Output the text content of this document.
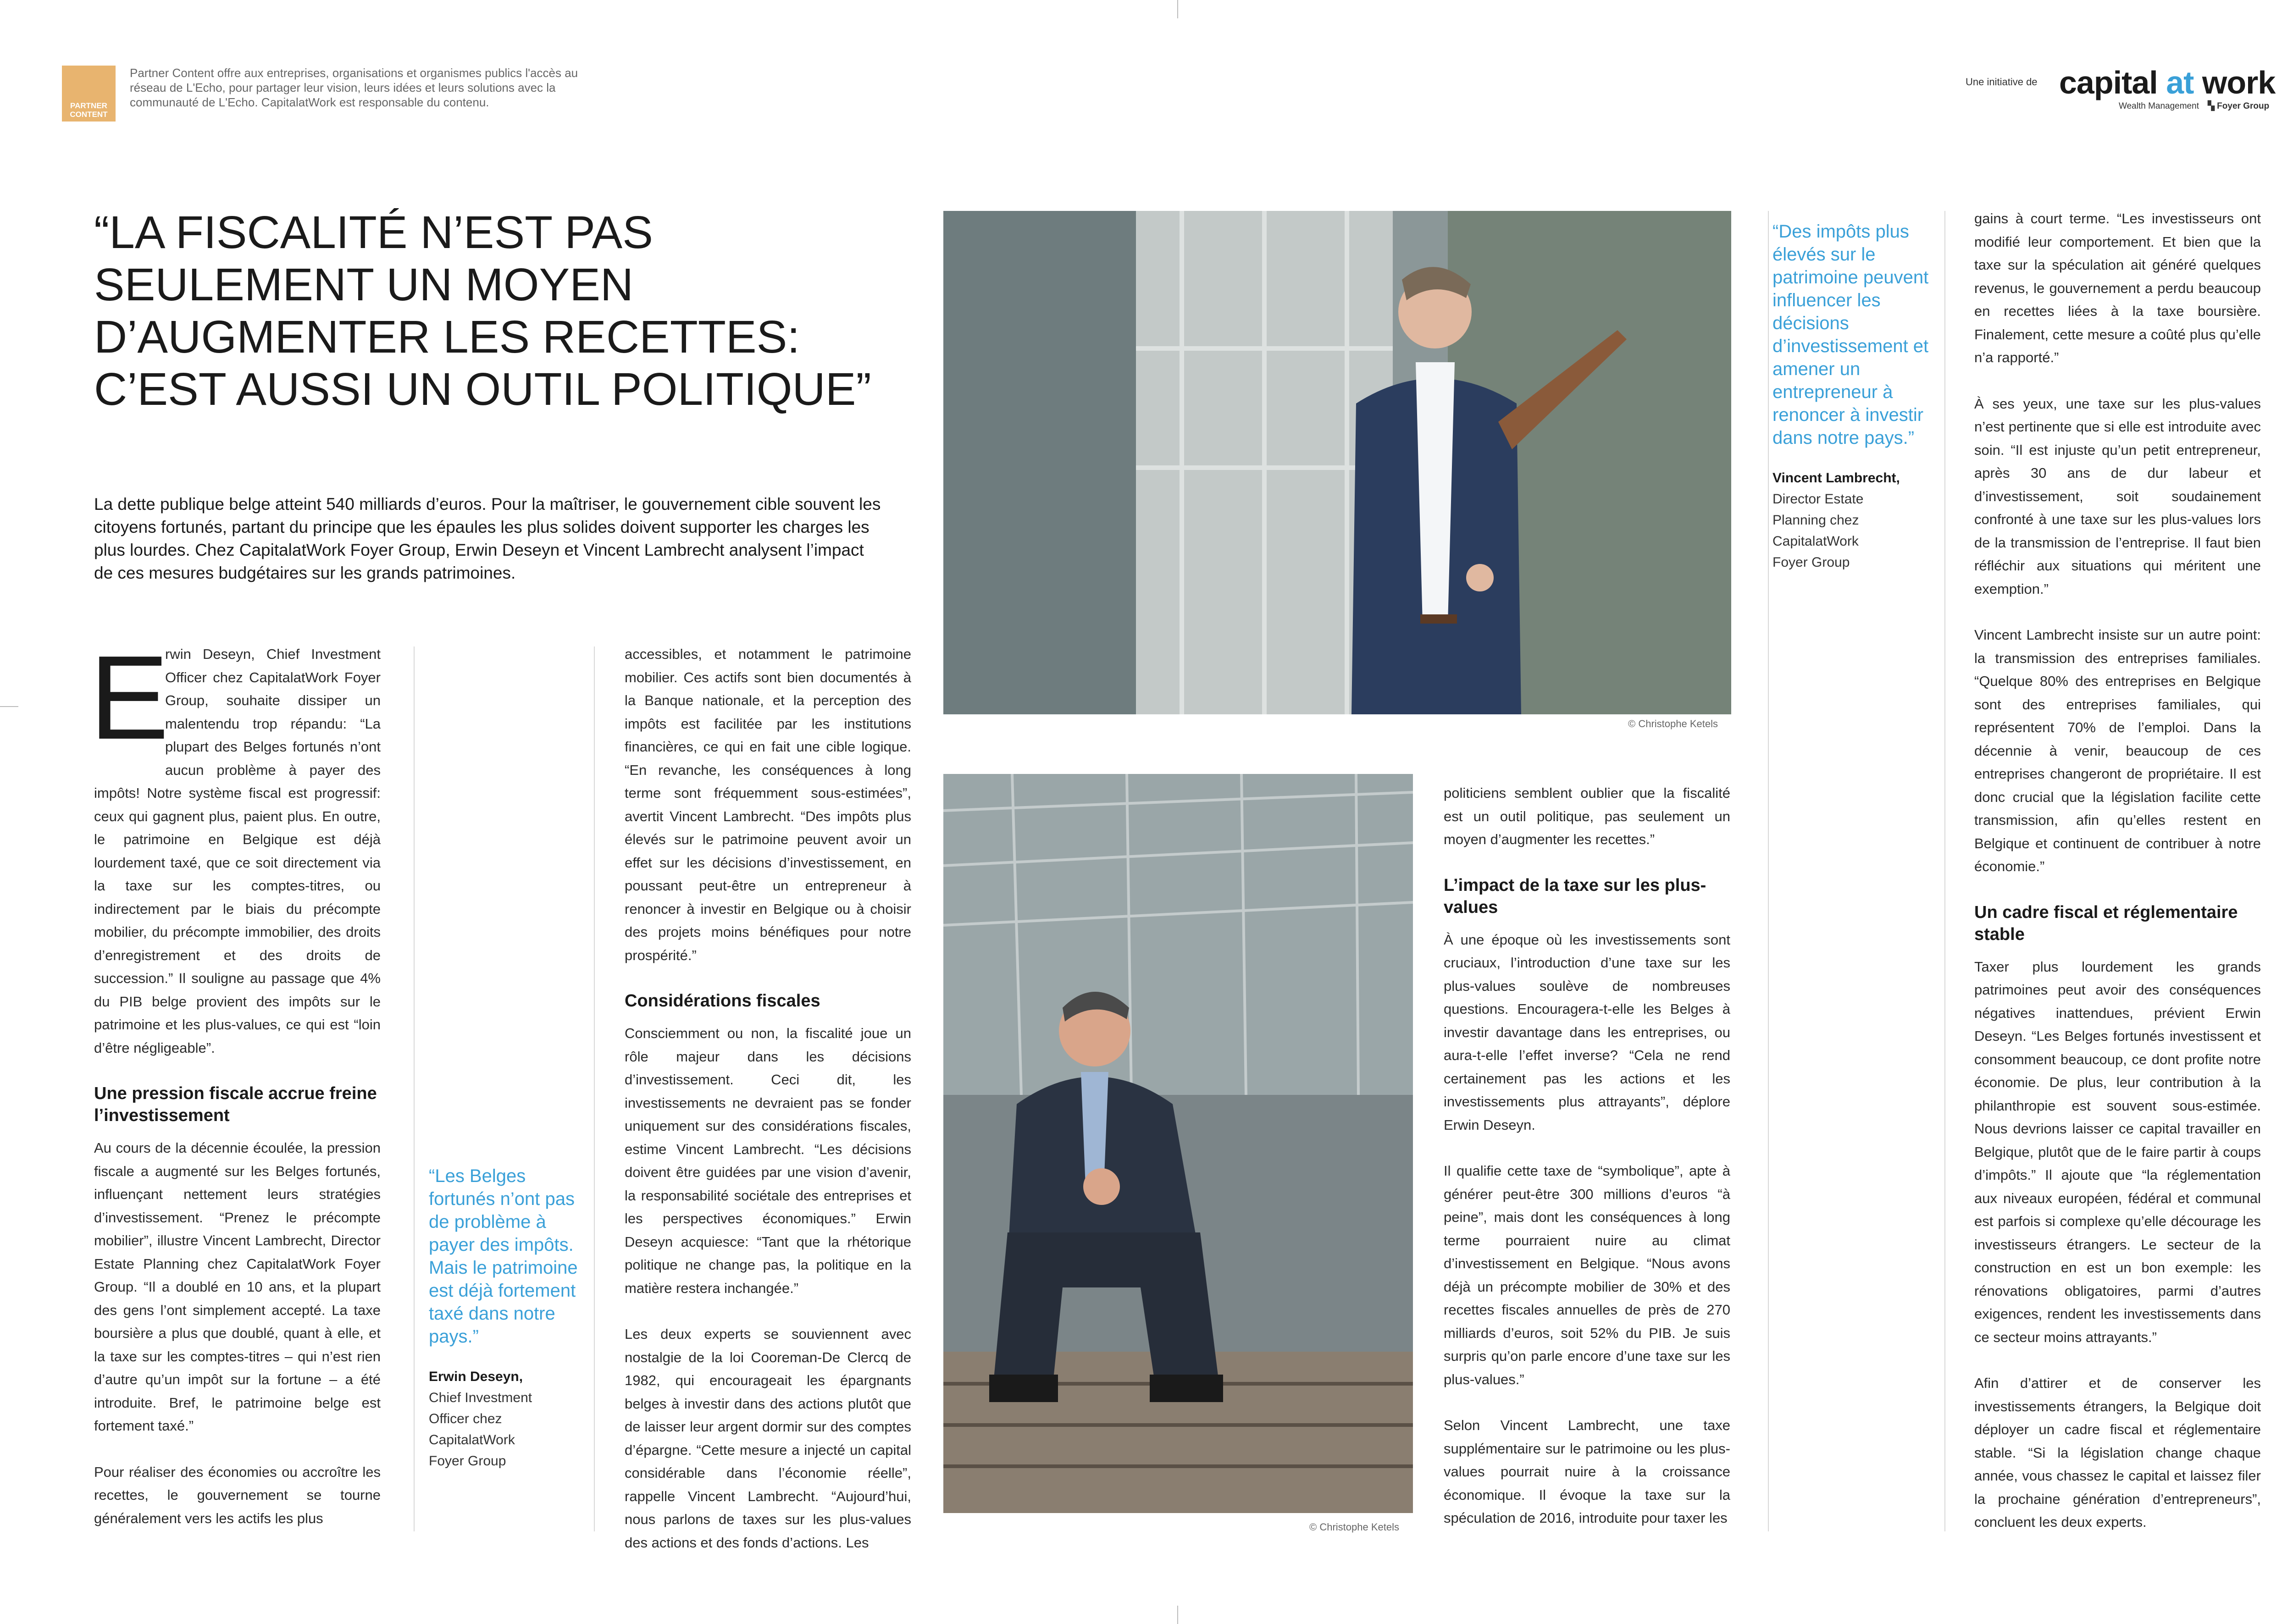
PARTNER
CONTENT
Partner Content offre aux entreprises, organisations et organismes publics l'accès au réseau de L'Echo, pour partager leur vision, leurs idées et leurs solutions avec la communauté de L'Echo. CapitalatWork est responsable du contenu.
Une initiative de capital at work
Wealth Management ▚ Foyer Group
“LA FISCALITÉ N’EST PAS SEULEMENT UN MOYEN D’AUGMENTER LES RECETTES: C’EST AUSSI UN OUTIL POLITIQUE”
La dette publique belge atteint 540 milliards d’euros. Pour la maîtriser, le gouvernement cible souvent les citoyens fortunés, partant du principe que les épaules les plus solides doivent supporter les charges les plus lourdes. Chez CapitalatWork Foyer Group, Erwin Deseyn et Vincent Lambrecht analysent l’impact de ces mesures budgétaires sur les grands patrimoines.
E

rwin Deseyn, Chief Investment Officer chez CapitalatWork Foyer Group, souhaite dissiper un malentendu trop répandu: “La plupart des Belges fortunés n’ont aucun problème à payer des impôts! Notre système fiscal est progressif: ceux qui gagnent plus, paient plus. En outre, le patrimoine en Belgique est déjà lourdement taxé, que ce soit directement via la taxe sur les comptes-titres, ou indirectement par le biais du précompte mobilier, du précompte immobilier, des droits d’enregistrement et des droits de succession.” Il souligne au passage que 4% du PIB belge provient des impôts sur le patrimoine et les plus-values, ce qui est “loin d’être négligeable”.

Une pression fiscale accrue freine l’investissement

Au cours de la décennie écoulée, la pression fiscale a augmenté sur les Belges fortunés, influençant nettement leurs stratégies d’investissement. “Prenez le précompte mobilier”, illustre Vincent Lambrecht, Director Estate Planning chez CapitalatWork Foyer Group. “Il a doublé en 10 ans, et la plupart des gens l’ont simplement accepté. La taxe boursière a plus que doublé, quant à elle, et la taxe sur les comptes-titres – qui n’est rien d’autre qu’un impôt sur la fortune – a été introduite. Bref, le patrimoine belge est fortement taxé.”

Pour réaliser des économies ou accroître les recettes, le gouvernement se tourne généralement vers les actifs les plus

“Les Belges fortunés n’ont pas de problème à payer des impôts. Mais le patrimoine est déjà fortement taxé dans notre pays.”
Erwin Deseyn,
Chief Investment
Officer chez
CapitalatWork
Foyer Group

accessibles, et notamment le patrimoine mobilier. Ces actifs sont bien documentés à la Banque nationale, et la perception des impôts est facilitée par les institutions financières, ce qui en fait une cible logique. “En revanche, les conséquences à long terme sont fréquemment sous-estimées”, avertit Vincent Lambrecht. “Des impôts plus élevés sur le patrimoine peuvent avoir un effet sur les décisions d’investissement, en poussant peut-être un entrepreneur à renoncer à investir en Belgique ou à choisir des projets moins bénéfiques pour notre prospérité.”

Considérations fiscales

Consciemment ou non, la fiscalité joue un rôle majeur dans les décisions d’investissement. Ceci dit, les investissements ne devraient pas se fonder uniquement sur des considérations fiscales, estime Vincent Lambrecht. “Les décisions doivent être guidées par une vision d’avenir, la responsabilité sociétale des entreprises et les perspectives économiques.” Erwin Deseyn acquiesce: “Tant que la rhétorique politique ne change pas, la politique en la matière restera inchangée.”

Les deux experts se souviennent avec nostalgie de la loi Cooreman-De Clercq de 1982, qui encourageait les épargnants belges à investir dans des actions plutôt que de laisser leur argent dormir sur des comptes d’épargne. “Cette mesure a injecté un capital considérable dans l’économie réelle”, rappelle Vincent Lambrecht. “Aujourd’hui, nous parlons de taxes sur les plus-values des actions et des fonds d’actions. Les

© Christophe Ketels
© Christophe Ketels

politiciens semblent oublier que la fiscalité est un outil politique, pas seulement un moyen d’augmenter les recettes.”

L’impact de la taxe sur les plus-values

À une époque où les investissements sont cruciaux, l’introduction d’une taxe sur les plus-values soulève de nombreuses questions. Encouragera-t-elle les Belges à investir davantage dans les entreprises, ou aura-t-elle l’effet inverse? “Cela ne rend certainement pas les actions et les investissements plus attrayants”, déplore Erwin Deseyn.

Il qualifie cette taxe de “symbolique”, apte à générer peut-être 300 millions d’euros “à peine”, mais dont les conséquences à long terme pourraient nuire au climat d’investissement en Belgique. “Nous avons déjà un précompte mobilier de 30% et des recettes fiscales annuelles de près de 270 milliards d’euros, soit 52% du PIB. Je suis surpris qu’on parle encore d’une taxe sur les plus-values.”

Selon Vincent Lambrecht, une taxe supplémentaire sur le patrimoine ou les plus-values pourrait nuire à la croissance économique. Il évoque la taxe sur la spéculation de 2016, introduite pour taxer les

“Des impôts plus élevés sur le patrimoine peuvent influencer les décisions d’investissement et amener un entrepreneur à renoncer à investir dans notre pays.”
Vincent Lambrecht,
Director Estate
Planning chez
CapitalatWork
Foyer Group

gains à court terme. “Les investisseurs ont modifié leur comportement. Et bien que la taxe sur la spéculation ait généré quelques revenus, le gouvernement a perdu beaucoup en recettes liées à la taxe boursière. Finalement, cette mesure a coûté plus qu’elle n’a rapporté.”

À ses yeux, une taxe sur les plus-values n’est pertinente que si elle est introduite avec soin. “Il est injuste qu’un petit entrepreneur, après 30 ans de dur labeur et d’investissement, soit soudainement confronté à une taxe sur les plus-values lors de la transmission de l’entreprise. Il faut bien réfléchir aux situations qui méritent une exemption.”

Vincent Lambrecht insiste sur un autre point: la transmission des entreprises familiales. “Quelque 80% des entreprises en Belgique sont des entreprises familiales, qui représentent 70% de l’emploi. Dans la décennie à venir, beaucoup de ces entreprises changeront de propriétaire. Il est donc crucial que la législation facilite cette transmission, afin qu’elles restent en Belgique et continuent de contribuer à notre économie.”

Un cadre fiscal et réglementaire stable

Taxer plus lourdement les grands patrimoines peut avoir des conséquences négatives inattendues, prévient Erwin Deseyn. “Les Belges fortunés investissent et consomment beaucoup, ce dont profite notre économie. De plus, leur contribution à la philanthropie est souvent sous-estimée. Nous devrions laisser ce capital travailler en Belgique, plutôt que de le faire partir à coups d’impôts.” Il ajoute que “la réglementation aux niveaux européen, fédéral et communal est parfois si complexe qu’elle décourage les investisseurs étrangers. Le secteur de la construction en est un bon exemple: les rénovations obligatoires, parmi d’autres exigences, rendent les investissements dans ce secteur moins attrayants.”

Afin d’attirer et de conserver les investissements étrangers, la Belgique doit déployer un cadre fiscal et réglementaire stable. “Si la législation change chaque année, vous chassez le capital et laissez filer la prochaine génération d’entrepreneurs”, concluent les deux experts.
